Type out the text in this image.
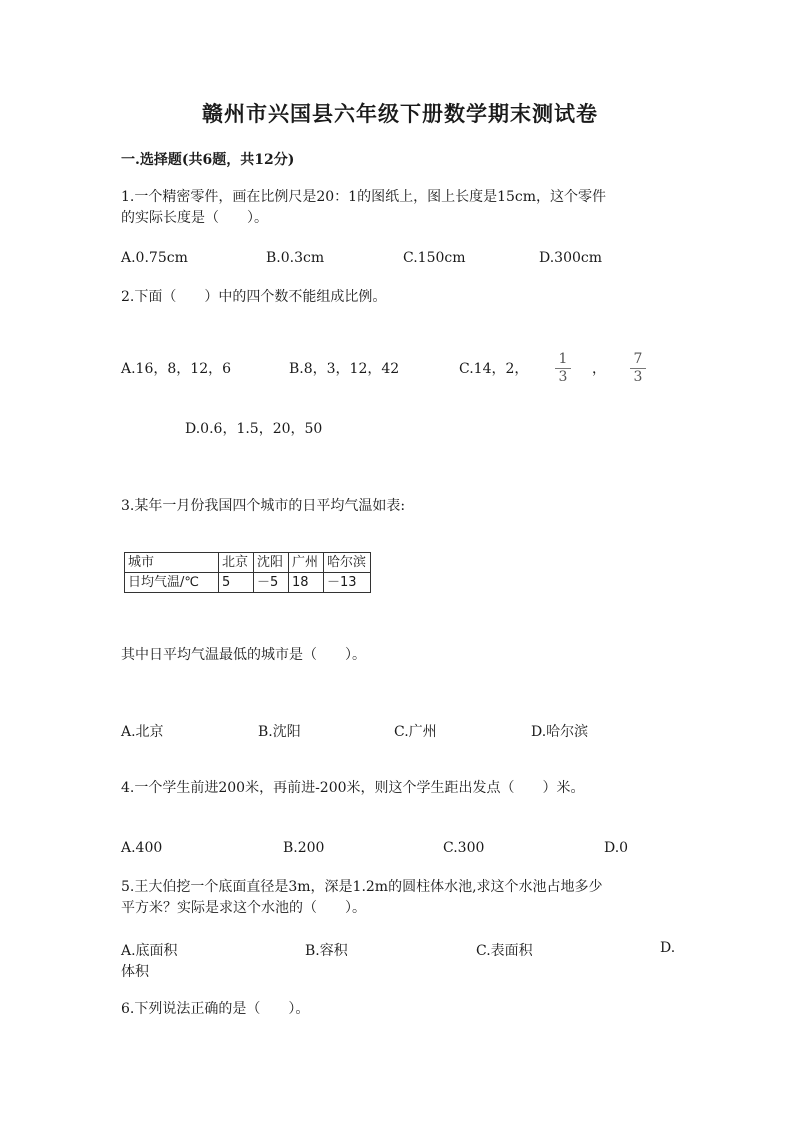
赣州市兴国县六年级下册数学期末测试卷
一.选择题(共6题，共12分)
1.一个精密零件，画在比例尺是20：1的图纸上，图上长度是15cm，这个零件
的实际长度是（　　）。
A.0.75cm	B.0.3cm	C.150cm	D.300cm
2.下面（　　）中的四个数不能组成比例。
A.16，8，12，6	B.8，3，12，42	C.14，2，
1
3 ，
7
3
D.0.6，1.5，20，50
3.某年一月份我国四个城市的日平均气温如表:
城市	北京	沈阳	广州	哈尔滨
日均气温/℃	5	－5	18	－13
其中日平均气温最低的城市是（　　）。
A.北京	B.沈阳	C.广州	D.哈尔滨
4.一个学生前进200米，再前进-200米，则这个学生距出发点（　　）米。
A.400	B.200	C.300	D.0
5.王大伯挖一个底面直径是3m，深是1.2m的圆柱体水池,求这个水池占地多少
平方米？实际是求这个水池的（　　）。
A.底面积	B.容积	C.表面积	D.
体积
6.下列说法正确的是（　　）。
